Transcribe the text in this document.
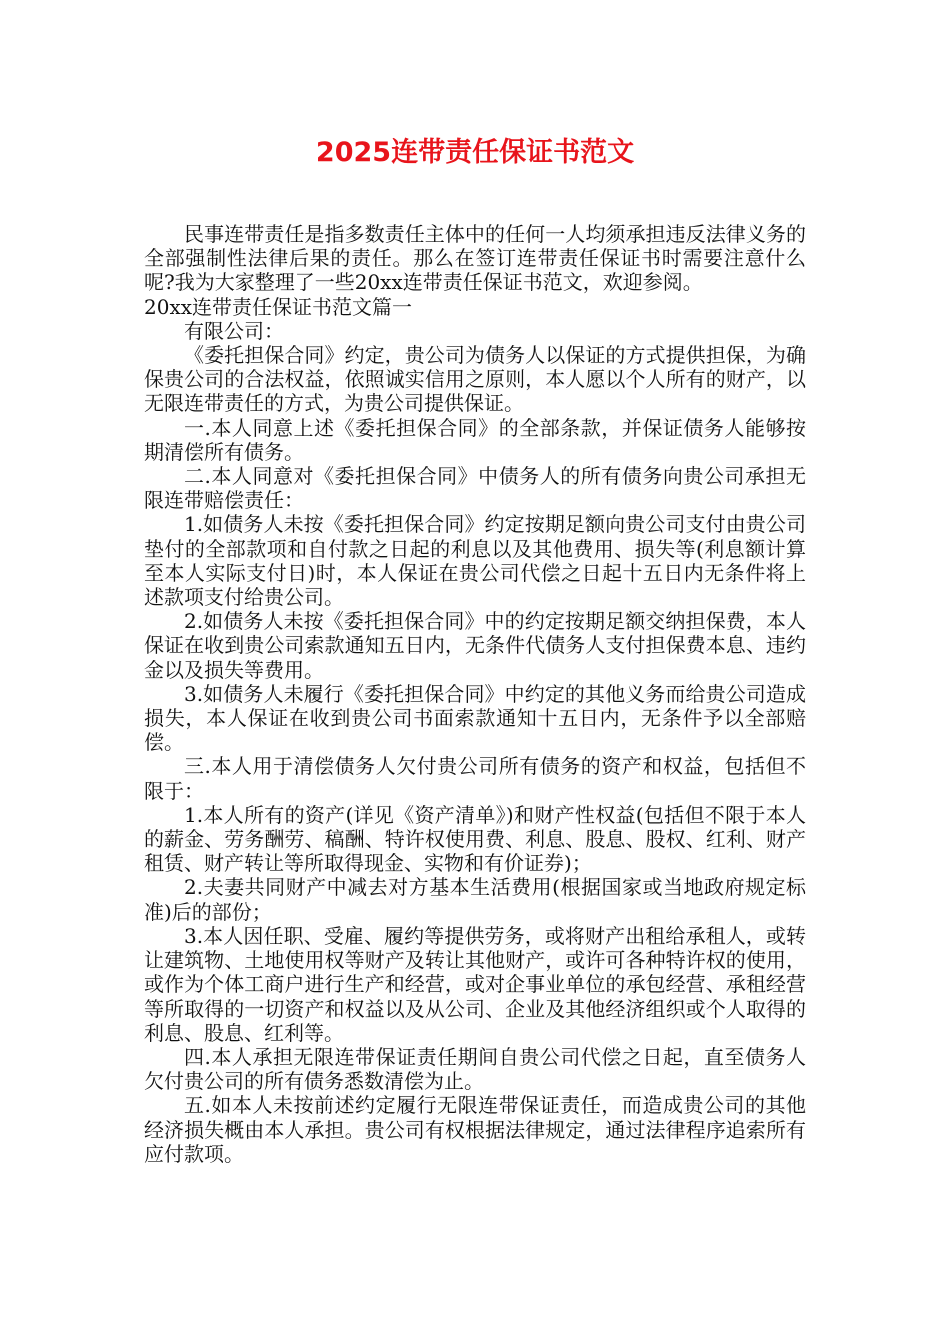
2025连带责任保证书范文

民事连带责任是指多数责任主体中的任何一人均须承担违反法律义务的全部强制性法律后果的责任。那么在签订连带责任保证书时需要注意什么呢?我为大家整理了一些20xx连带责任保证书范文，欢迎参阅。

20xx连带责任保证书范文篇一

有限公司：

《委托担保合同》约定，贵公司为债务人以保证的方式提供担保，为确保贵公司的合法权益，依照诚实信用之原则，本人愿以个人所有的财产，以无限连带责任的方式，为贵公司提供保证。

一.本人同意上述《委托担保合同》的全部条款，并保证债务人能够按期清偿所有债务。

二.本人同意对《委托担保合同》中债务人的所有债务向贵公司承担无限连带赔偿责任：

1.如债务人未按《委托担保合同》约定按期足额向贵公司支付由贵公司垫付的全部款项和自付款之日起的利息以及其他费用、损失等(利息额计算至本人实际支付日)时，本人保证在贵公司代偿之日起十五日内无条件将上述款项支付给贵公司。

2.如债务人未按《委托担保合同》中的约定按期足额交纳担保费，本人保证在收到贵公司索款通知五日内，无条件代债务人支付担保费本息、违约金以及损失等费用。

3.如债务人未履行《委托担保合同》中约定的其他义务而给贵公司造成损失，本人保证在收到贵公司书面索款通知十五日内，无条件予以全部赔偿。

三.本人用于清偿债务人欠付贵公司所有债务的资产和权益，包括但不限于：

1.本人所有的资产(详见《资产清单》)和财产性权益(包括但不限于本人的薪金、劳务酬劳、稿酬、特许权使用费、利息、股息、股权、红利、财产租赁、财产转让等所取得现金、实物和有价证券)；

2.夫妻共同财产中减去对方基本生活费用(根据国家或当地政府规定标准)后的部份；

3.本人因任职、受雇、履约等提供劳务，或将财产出租给承租人，或转让建筑物、土地使用权等财产及转让其他财产，或许可各种特许权的使用，或作为个体工商户进行生产和经营，或对企事业单位的承包经营、承租经营等所取得的一切资产和权益以及从公司、企业及其他经济组织或个人取得的利息、股息、红利等。

四.本人承担无限连带保证责任期间自贵公司代偿之日起，直至债务人欠付贵公司的所有债务悉数清偿为止。

五.如本人未按前述约定履行无限连带保证责任，而造成贵公司的其他经济损失概由本人承担。贵公司有权根据法律规定，通过法律程序追索所有应付款项。
